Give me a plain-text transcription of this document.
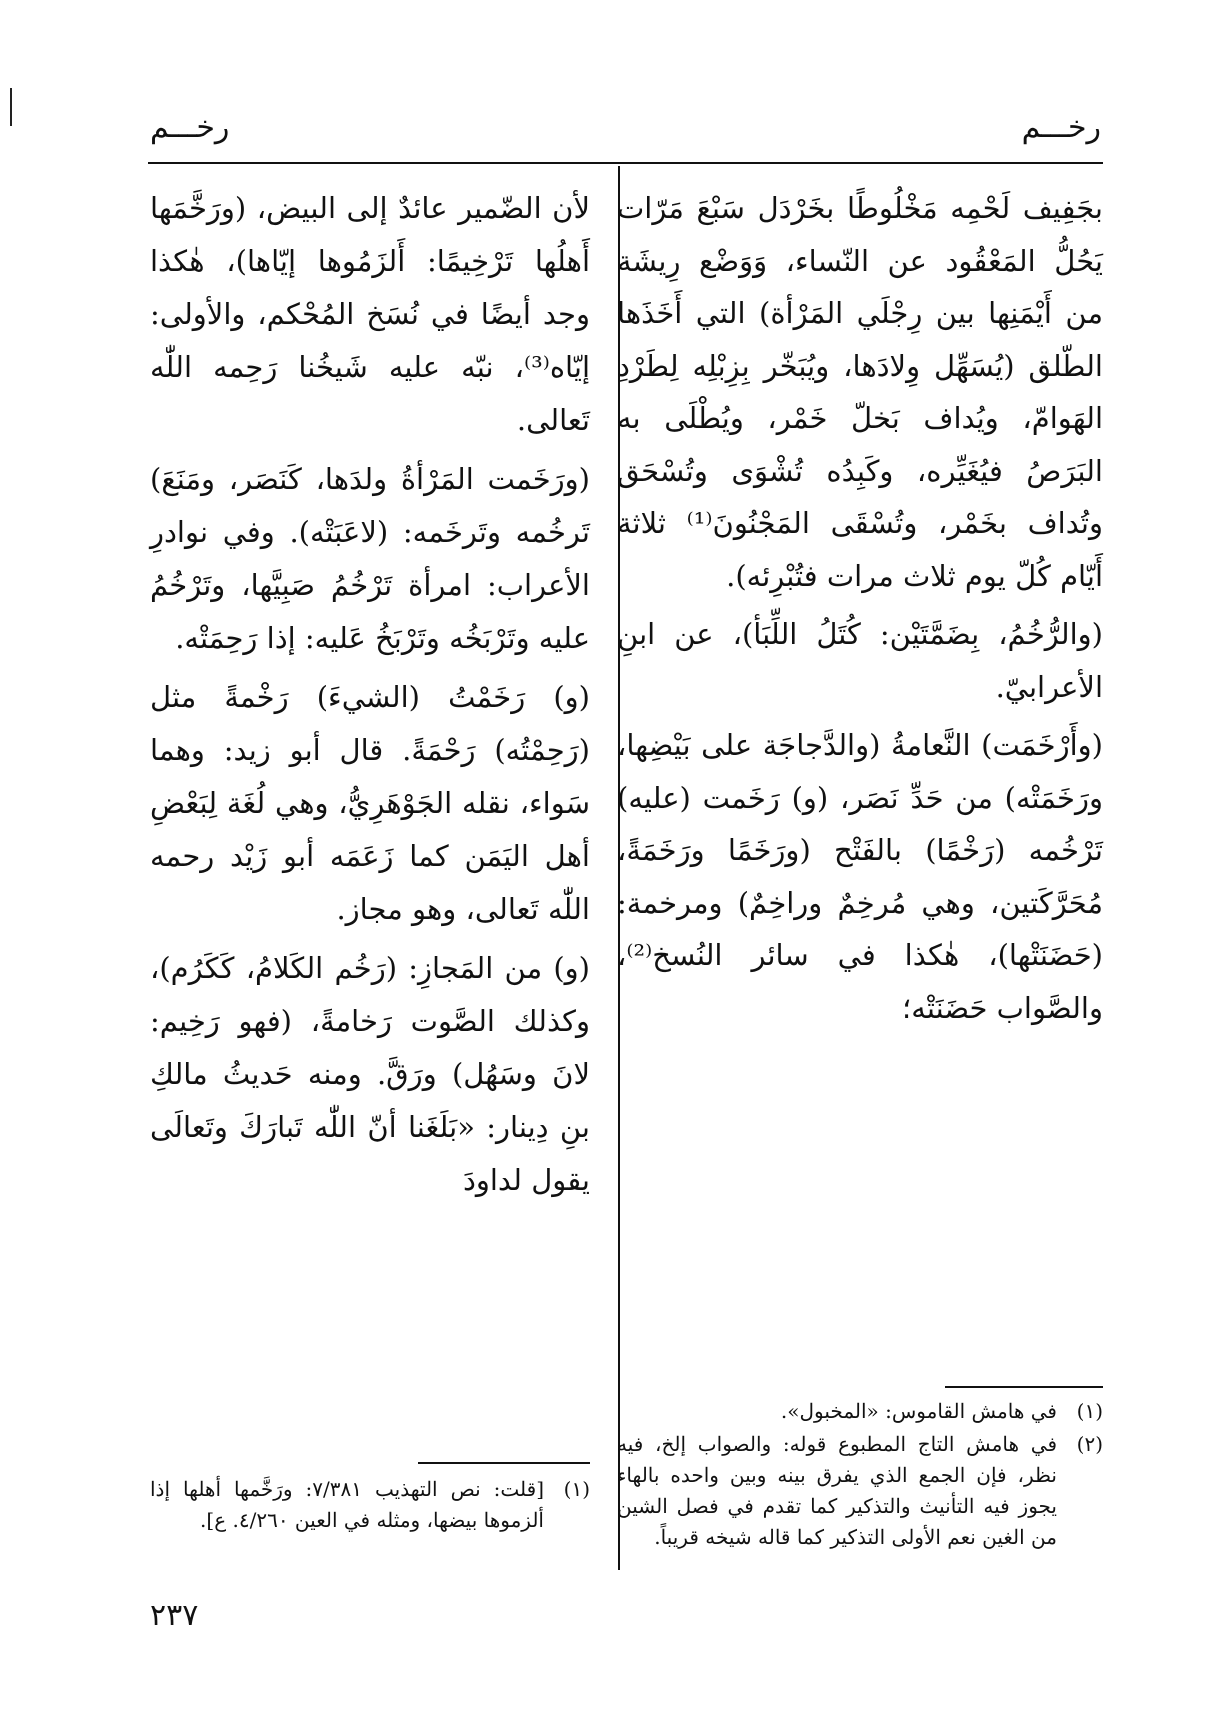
رخـــم
رخـــم

بجَفِيف لَحْمِه مَخْلُوطًا بخَرْدَل سَبْعَ مَرّات يَحُلُّ المَعْقُود عن النّساء، وَوَضْع رِيشَة من أَيْمَنِها بين رِجْلَي المَرْأة) التي أَخَذَها الطّلق (يُسَهِّل وِلادَها، ويُبَخّر بِزِبْلِه لِطَرْدِ الهَوامّ، ويُداف بَخلّ خَمْر، ويُطْلَى به البَرَصُ فيُغَيِّره، وكَبِدُه تُشْوَى وتُسْحَق وتُداف بخَمْر، وتُسْقَى المَجْنُونَ⁽¹⁾ ثلاثة أَيّام كُلّ يوم ثلاث مرات فتُبْرِئه).

(والرُّخُمُ، بِضَمَّتَيْن: كُتَلُ اللِّبَأ)، عن ابنِ الأعرابيّ.

(وأَرْخَمَت) النَّعامةُ (والدَّجاجَة على بَيْضِها، ورَخَمَتْه) من حَدِّ نَصَر، (و) رَخَمت (عليه) تَرْخُمه (رَخْمًا) بالفَتْح (ورَخَمًا ورَخَمَةً، مُحَرَّكَتين، وهي مُرخِمٌ وراخِمٌ) ومرخمة: (حَضَنَتْها)، هٰكذا في سائر النُسخ⁽²⁾، والصَّواب حَضَنَتْه؛

لأن الضّمير عائدٌ إلى البيض، (ورَخَّمَها أَهلُها تَرْخِيمًا: أَلزَمُوها إيّاها)، هٰكذا وجد أيضًا في نُسَخ المُحْكم، والأولى: إيّاه⁽³⁾، نبّه عليه شَيخُنا رَحِمه اللّٰه تَعالى.

(ورَخَمت المَرْأةُ ولدَها، كَنَصَر، ومَنَعَ) تَرخُمه وتَرخَمه: (لاعَبَتْه). وفي نوادرِ الأعراب: امرأة تَرْخُمُ صَبِيَّها، وتَرْخُمُ عليه وتَرْبَخُه وتَرْبَخُ عَليه: إذا رَحِمَتْه.

(و) رَخَمْتُ (الشيءَ) رَخْمةً مثل (رَحِمْتُه) رَحْمَةً. قال أبو زيد: وهما سَواء، نقله الجَوْهَرِيُّ، وهي لُغَة لِبَعْضِ أهل اليَمَن كما زَعَمَه أبو زَيْد رحمه اللّٰه تَعالى، وهو مجاز.

(و) من المَجازِ: (رَخُم الكَلامُ، كَكَرُم)، وكذلك الصَّوت رَخامةً، (فهو رَخِيم: لانَ وسَهُل) ورَقَّ. ومنه حَديثُ مالكِ بنِ دِينار: «بَلَغَنا أنّ اللّٰه تَبارَكَ وتَعالَى يقول لداودَ

(١)
في هامش القاموس: «المخبول».

(٢)
في هامش التاج المطبوع قوله: والصواب إلخ، فيه نظر، فإن الجمع الذي يفرق بينه وبين واحده بالهاء يجوز فيه التأنيث والتذكير كما تقدم في فصل الشين من الغين نعم الأولى التذكير كما قاله شيخه قريباً.

(١)
[قلت: نص التهذيب ٧/٣٨١: ورَخَّمها أهلها إذا ألزموها بيضها، ومثله في العين ٤/٢٦٠. ع].

٢٣٧
